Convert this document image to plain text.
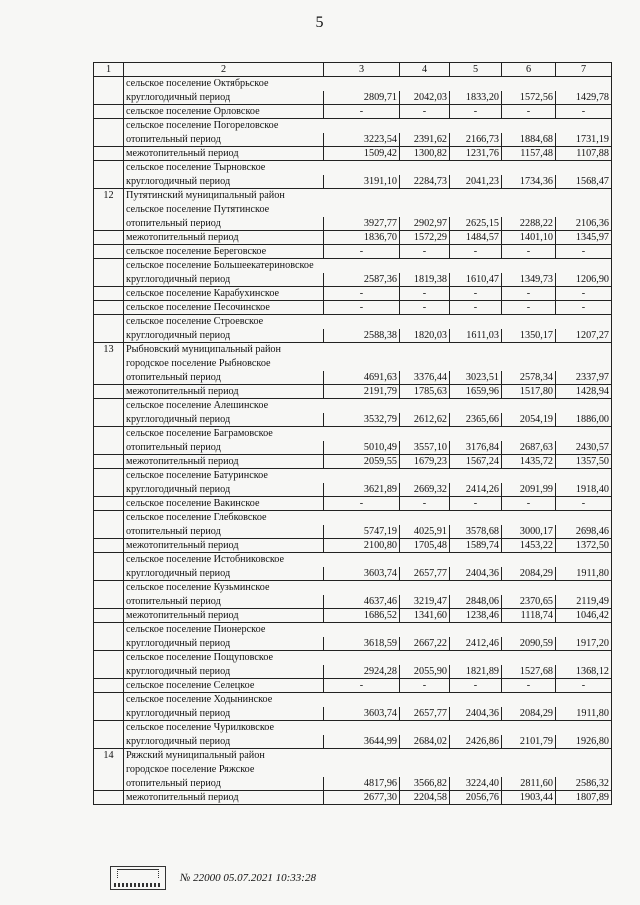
5
1	2	3	4	5	6	7
	сельское поселение Октябрьское					
	круглогодичный период	2809,71	2042,03	1833,20	1572,56	1429,78
	сельское поселение Орловское	-	-	-	-	-
	сельское поселение Погореловское					
	отопительный период	3223,54	2391,62	2166,73	1884,68	1731,19
	межотопительный период	1509,42	1300,82	1231,76	1157,48	1107,88
	сельское поселение Тырновское					
	круглогодичный период	3191,10	2284,73	2041,23	1734,36	1568,47
12	Путятинский муниципальный район					
	сельское поселение Путятинское					
	отопительный период	3927,77	2902,97	2625,15	2288,22	2106,36
	межотопительный период	1836,70	1572,29	1484,57	1401,10	1345,97
	сельское поселение Береговское	-	-	-	-	-
	сельское поселение Большеекатериновское					
	круглогодичный период	2587,36	1819,38	1610,47	1349,73	1206,90
	сельское поселение Карабухинское	-	-	-	-	-
	сельское поселение Песочинское	-	-	-	-	-
	сельское поселение Строевское					
	круглогодичный период	2588,38	1820,03	1611,03	1350,17	1207,27
13	Рыбновский муниципальный район					
	городское поселение Рыбновское					
	отопительный период	4691,63	3376,44	3023,51	2578,34	2337,97
	межотопительный период	2191,79	1785,63	1659,96	1517,80	1428,94
	сельское поселение Алешинское					
	круглогодичный период	3532,79	2612,62	2365,66	2054,19	1886,00
	сельское поселение Баграмовское					
	отопительный период	5010,49	3557,10	3176,84	2687,63	2430,57
	межотопительный период	2059,55	1679,23	1567,24	1435,72	1357,50
	сельское поселение Батуринское					
	круглогодичный период	3621,89	2669,32	2414,26	2091,99	1918,40
	сельское поселение Вакинское	-	-	-	-	-
	сельское поселение Глебковское					
	отопительный период	5747,19	4025,91	3578,68	3000,17	2698,46
	межотопительный период	2100,80	1705,48	1589,74	1453,22	1372,50
	сельское поселение Истобниковское					
	круглогодичный период	3603,74	2657,77	2404,36	2084,29	1911,80
	сельское поселение Кузьминское					
	отопительный период	4637,46	3219,47	2848,06	2370,65	2119,49
	межотопительный период	1686,52	1341,60	1238,46	1118,74	1046,42
	сельское поселение Пионерское					
	круглогодичный период	3618,59	2667,22	2412,46	2090,59	1917,20
	сельское поселение Пощуповское					
	круглогодичный период	2924,28	2055,90	1821,89	1527,68	1368,12
	сельское поселение Селецкое	-	-	-	-	-
	сельское поселение Ходынинское					
	круглогодичный период	3603,74	2657,77	2404,36	2084,29	1911,80
	сельское поселение Чурилковское					
	круглогодичный период	3644,99	2684,02	2426,86	2101,79	1926,80
14	Ряжский муниципальный район					
	городское поселение Ряжское					
	отопительный период	4817,96	3566,82	3224,40	2811,60	2586,32
	межотопительный период	2677,30	2204,58	2056,76	1903,44	1807,89
№ 22000 05.07.2021 10:33:28
